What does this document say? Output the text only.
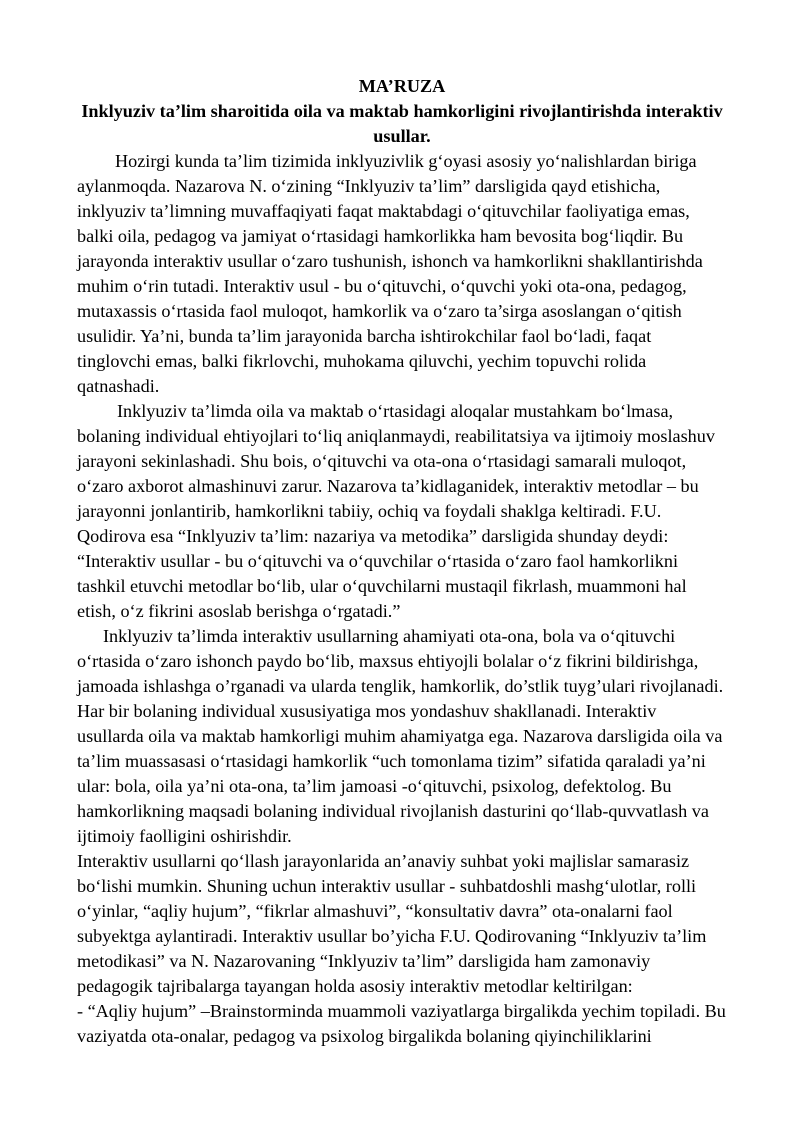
MA’RUZA

Inklyuziv ta’lim sharoitida oila va maktab hamkorligini rivojlantirishda interaktiv usullar.

Hozirgi kunda ta’lim tizimida inklyuzivlik g‘oyasi asosiy yo‘nalishlardan biriga aylanmoqda. Nazarova N. o‘zining “Inklyuziv ta’lim” darsligida qayd etishicha, inklyuziv ta’limning muvaffaqiyati faqat maktabdagi o‘qituvchilar faoliyatiga emas, balki oila, pedagog va jamiyat o‘rtasidagi hamkorlikka ham bevosita bog‘liqdir. Bu jarayonda interaktiv usullar o‘zaro tushunish, ishonch va hamkorlikni shakllantirishda muhim o‘rin tutadi. Interaktiv usul - bu o‘qituvchi, o‘quvchi yoki ota-ona, pedagog, mutaxassis o‘rtasida faol muloqot, hamkorlik va o‘zaro ta’sirga asoslangan o‘qitish usulidir. Ya’ni, bunda ta’lim jarayonida barcha ishtirokchilar faol bo‘ladi, faqat tinglovchi emas, balki fikrlovchi, muhokama qiluvchi, yechim topuvchi rolida qatnashadi.

Inklyuziv ta’limda oila va maktab o‘rtasidagi aloqalar mustahkam bo‘lmasa, bolaning individual ehtiyojlari to‘liq aniqlanmaydi, reabilitatsiya va ijtimoiy moslashuv jarayoni sekinlashadi. Shu bois, o‘qituvchi va ota-ona o‘rtasidagi samarali muloqot, o‘zaro axborot almashinuvi zarur. Nazarova ta’kidlaganidek, interaktiv metodlar – bu jarayonni jonlantirib, hamkorlikni tabiiy, ochiq va foydali shaklga keltiradi. F.U. Qodirova esa “Inklyuziv ta’lim: nazariya va metodika” darsligida shunday deydi: “Interaktiv usullar - bu o‘qituvchi va o‘quvchilar o‘rtasida o‘zaro faol hamkorlikni tashkil etuvchi metodlar bo‘lib, ular o‘quvchilarni mustaqil fikrlash, muammoni hal etish, o‘z fikrini asoslab berishga o‘rgatadi.”

Inklyuziv ta’limda interaktiv usullarning ahamiyati ota-ona, bola va o‘qituvchi o‘rtasida o‘zaro ishonch paydo bo‘lib, maxsus ehtiyojli bolalar o‘z fikrini bildirishga, jamoada ishlashga o’rganadi va ularda tenglik, hamkorlik, do’stlik tuyg’ulari rivojlanadi. Har bir bolaning individual xususiyatiga mos yondashuv shakllanadi. Interaktiv usullarda oila va maktab hamkorligi muhim ahamiyatga ega. Nazarova darsligida oila va ta’lim muassasasi o‘rtasidagi hamkorlik “uch tomonlama tizim” sifatida qaraladi ya’ni ular: bola, oila ya’ni ota-ona, ta’lim jamoasi -o‘qituvchi, psixolog, defektolog. Bu hamkorlikning maqsadi bolaning individual rivojlanish dasturini qo‘llab-quvvatlash va ijtimoiy faolligini oshirishdir.

Interaktiv usullarni qo‘llash jarayonlarida an’anaviy suhbat yoki majlislar samarasiz bo‘lishi mumkin. Shuning uchun interaktiv usullar - suhbatdoshli mashg‘ulotlar, rolli o‘yinlar, “aqliy hujum”, “fikrlar almashuvi”, “konsultativ davra” ota-onalarni faol subyektga aylantiradi. Interaktiv usullar bo’yicha F.U. Qodirovaning “Inklyuziv ta’lim metodikasi” va N. Nazarovaning “Inklyuziv ta’lim” darsligida ham zamonaviy pedagogik tajribalarga tayangan holda asosiy interaktiv metodlar keltirilgan:

- “Aqliy hujum” –Brainstorminda muammoli vaziyatlarga birgalikda yechim topiladi. Bu vaziyatda ota-onalar, pedagog va psixolog birgalikda bolaning qiyinchiliklarini
